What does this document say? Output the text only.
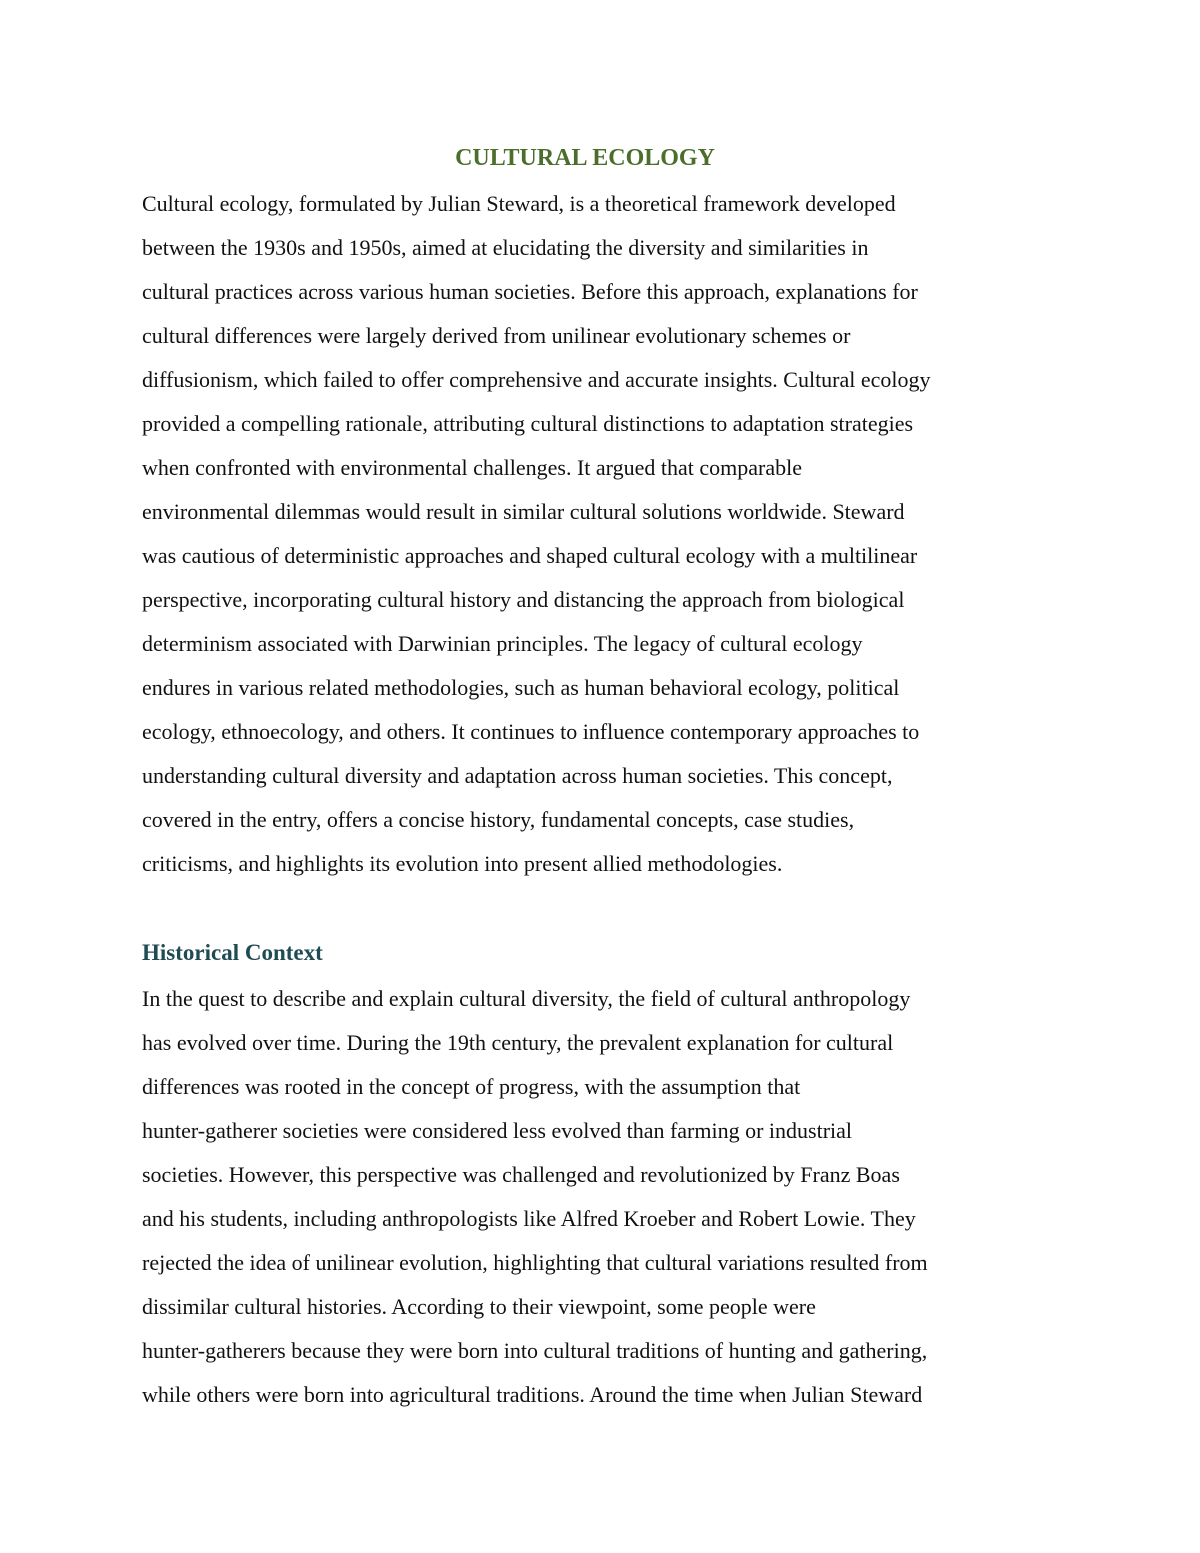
CULTURAL ECOLOGY

Cultural ecology, formulated by Julian Steward, is a theoretical framework developed
between the 1930s and 1950s, aimed at elucidating the diversity and similarities in
cultural practices across various human societies. Before this approach, explanations for
cultural differences were largely derived from unilinear evolutionary schemes or
diffusionism, which failed to offer comprehensive and accurate insights. Cultural ecology
provided a compelling rationale, attributing cultural distinctions to adaptation strategies
when confronted with environmental challenges. It argued that comparable
environmental dilemmas would result in similar cultural solutions worldwide. Steward
was cautious of deterministic approaches and shaped cultural ecology with a multilinear
perspective, incorporating cultural history and distancing the approach from biological
determinism associated with Darwinian principles. The legacy of cultural ecology
endures in various related methodologies, such as human behavioral ecology, political
ecology, ethnoecology, and others. It continues to influence contemporary approaches to
understanding cultural diversity and adaptation across human societies. This concept,
covered in the entry, offers a concise history, fundamental concepts, case studies,
criticisms, and highlights its evolution into present allied methodologies.

Historical Context

In the quest to describe and explain cultural diversity, the field of cultural anthropology
has evolved over time. During the 19th century, the prevalent explanation for cultural
differences was rooted in the concept of progress, with the assumption that
hunter-gatherer societies were considered less evolved than farming or industrial
societies. However, this perspective was challenged and revolutionized by Franz Boas
and his students, including anthropologists like Alfred Kroeber and Robert Lowie. They
rejected the idea of unilinear evolution, highlighting that cultural variations resulted from
dissimilar cultural histories. According to their viewpoint, some people were
hunter-gatherers because they were born into cultural traditions of hunting and gathering,
while others were born into agricultural traditions. Around the time when Julian Steward
